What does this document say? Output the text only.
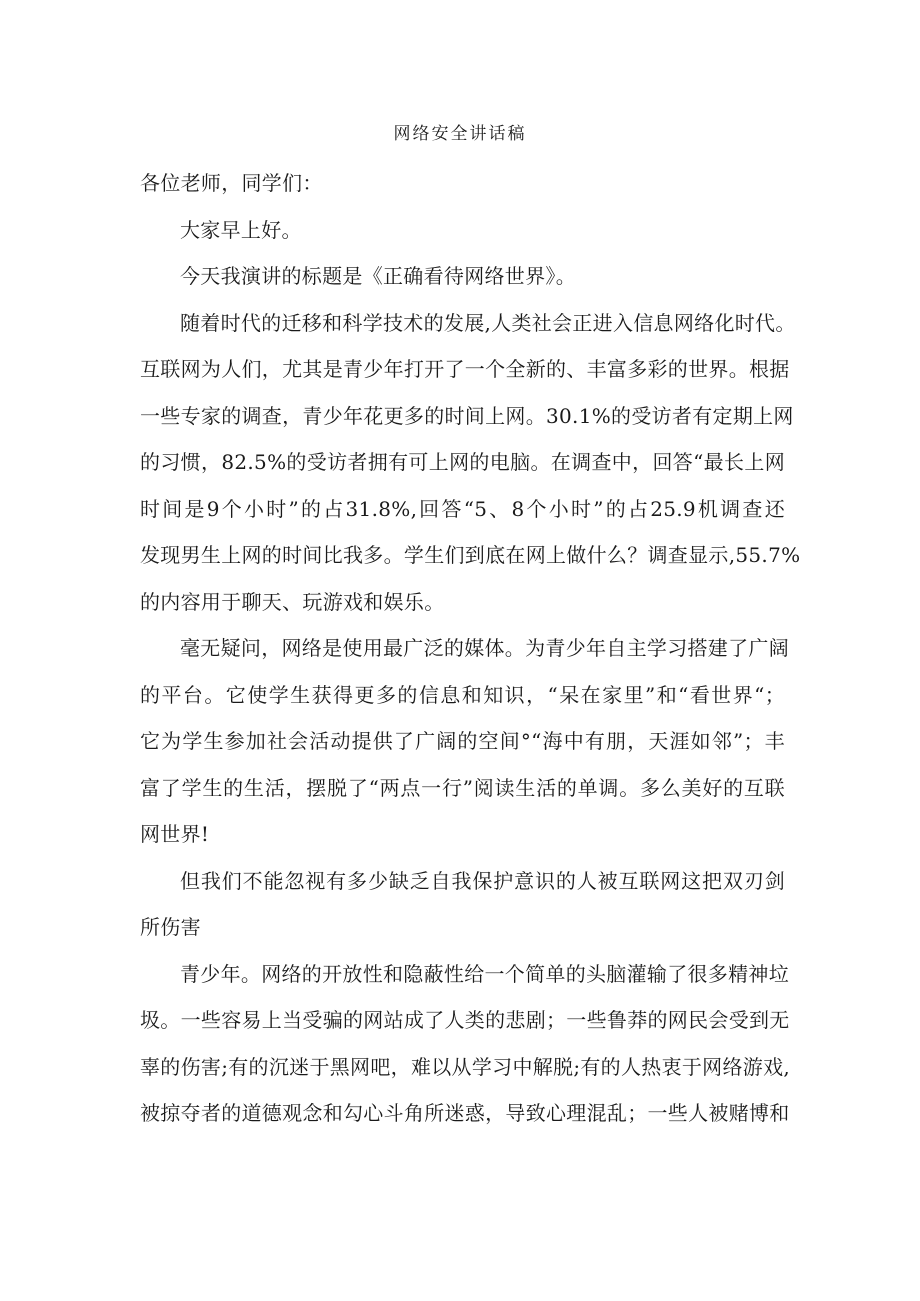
网络安全讲话稿
各位老师，同学们：
大家早上好。
今天我演讲的标题是《正确看待网络世界》。
随着时代的迁移和科学技术的发展,人类社会正进入信息网络化时代。
互联网为人们，尤其是青少年打开了一个全新的、丰富多彩的世界。根据
一些专家的调查，青少年花更多的时间上网。30.1%的受访者有定期上网
的习惯，82.5%的受访者拥有可上网的电脑。在调查中，回答“最长上网
时间是9个小时”的占31.8%,回答“5、8个小时”的占25.9机调查还
发现男生上网的时间比我多。学生们到底在网上做什么？调查显示,55.7%
的内容用于聊天、玩游戏和娱乐。
毫无疑问，网络是使用最广泛的媒体。为青少年自主学习搭建了广阔
的平台。它使学生获得更多的信息和知识，“呆在家里”和“看世界“；
它为学生参加社会活动提供了广阔的空间°“海中有朋，天涯如邻”；丰
富了学生的生活，摆脱了“两点一行”阅读生活的单调。多么美好的互联
网世界!
但我们不能忽视有多少缺乏自我保护意识的人被互联网这把双刃剑
所伤害
青少年。网络的开放性和隐蔽性给一个简单的头脑灌输了很多精神垃
圾。一些容易上当受骗的网站成了人类的悲剧；一些鲁莽的网民会受到无
辜的伤害;有的沉迷于黑网吧，难以从学习中解脱;有的人热衷于网络游戏,
被掠夺者的道德观念和勾心斗角所迷惑，导致心理混乱；一些人被赌博和
